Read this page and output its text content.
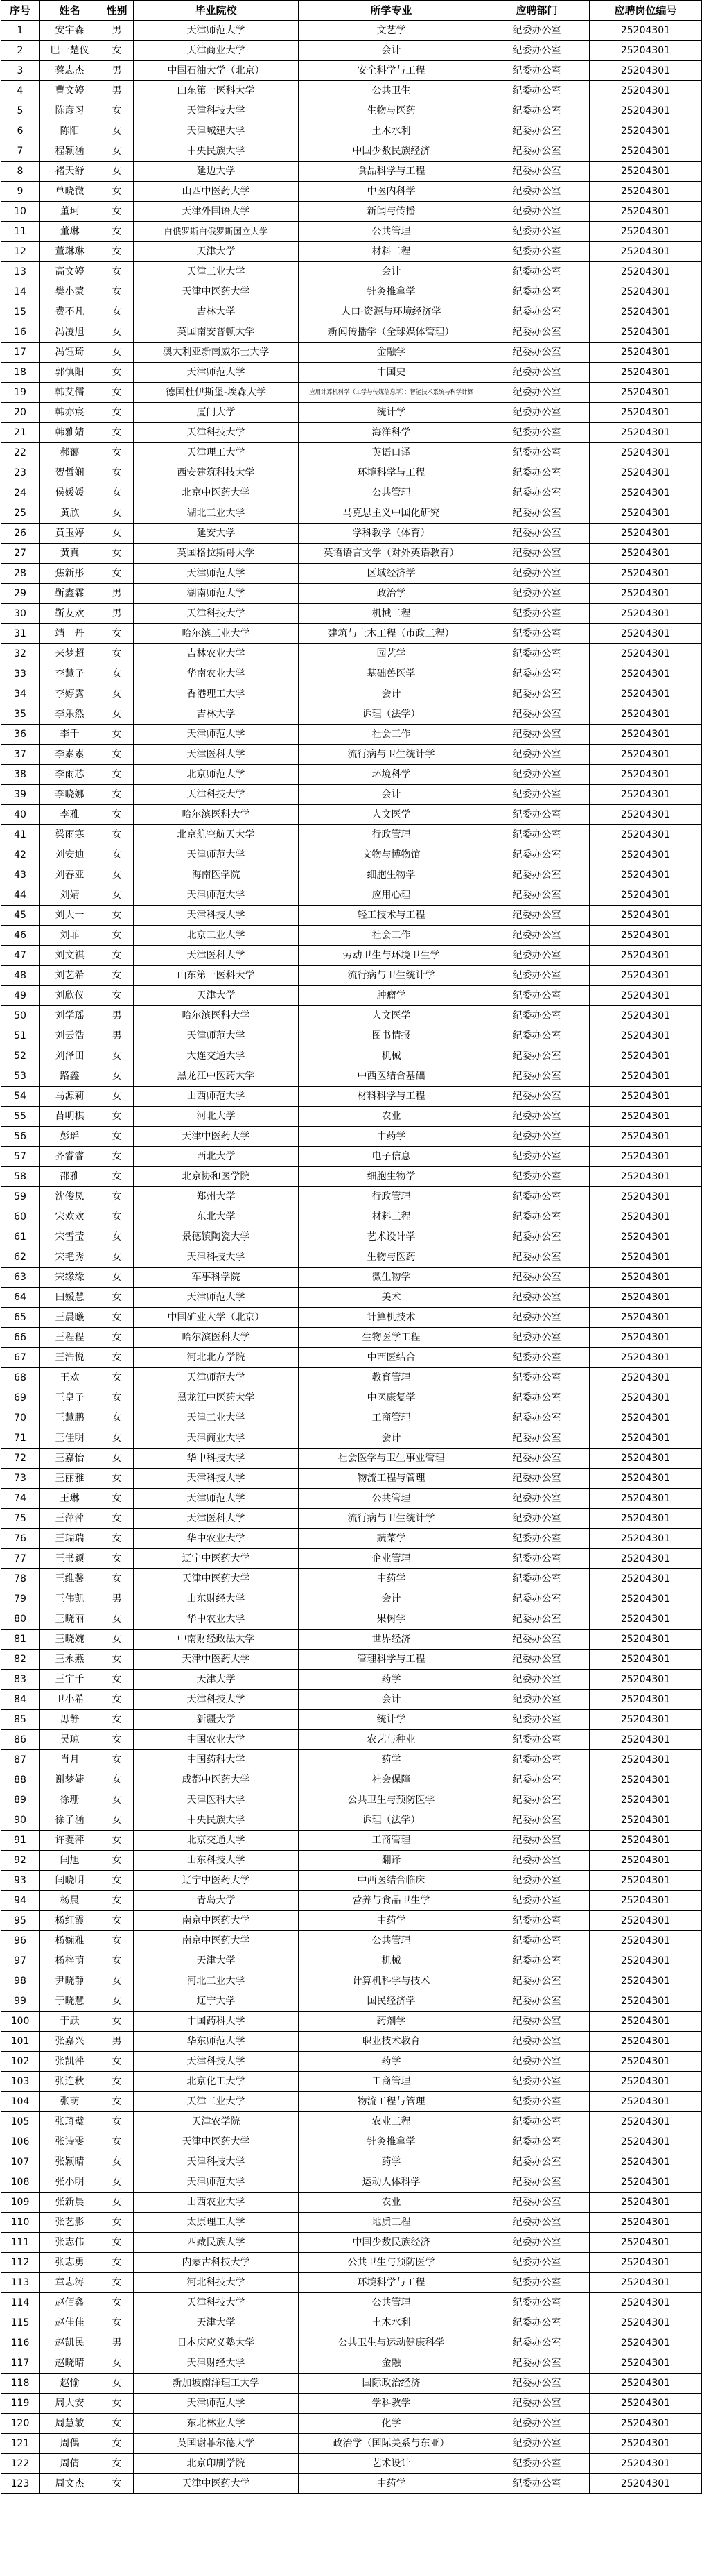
序号	姓名	性别	毕业院校	所学专业	应聘部门	应聘岗位编号
1	安宇森	男	天津师范大学	文艺学	纪委办公室	25204301
2	巴一楚仪	女	天津商业大学	会计	纪委办公室	25204301
3	蔡志杰	男	中国石油大学（北京）	安全科学与工程	纪委办公室	25204301
4	曹文婷	男	山东第一医科大学	公共卫生	纪委办公室	25204301
5	陈彦习	女	天津科技大学	生物与医药	纪委办公室	25204301
6	陈阳	女	天津城建大学	土木水利	纪委办公室	25204301
7	程颖涵	女	中央民族大学	中国少数民族经济	纪委办公室	25204301
8	褚天舒	女	延边大学	食品科学与工程	纪委办公室	25204301
9	单晓微	女	山西中医药大学	中医内科学	纪委办公室	25204301
10	董珂	女	天津外国语大学	新闻与传播	纪委办公室	25204301
11	董琳	女	白俄罗斯白俄罗斯国立大学	公共管理	纪委办公室	25204301
12	董琳琳	女	天津大学	材料工程	纪委办公室	25204301
13	高文婷	女	天津工业大学	会计	纪委办公室	25204301
14	樊小蒙	女	天津中医药大学	针灸推拿学	纪委办公室	25204301
15	费不凡	女	吉林大学	人口·资源与环境经济学	纪委办公室	25204301
16	冯凌旭	女	英国南安普顿大学	新闻传播学（全球媒体管理）	纪委办公室	25204301
17	冯钰琦	女	澳大利亚新南威尔士大学	金融学	纪委办公室	25204301
18	郭慎阳	女	天津师范大学	中国史	纪委办公室	25204301
19	韩艾儒	女	德国杜伊斯堡-埃森大学	应用计算机科学（工学与传媒信息学）：智能技术系统与科学计算	纪委办公室	25204301
20	韩亦宸	女	厦门大学	统计学	纪委办公室	25204301
21	韩雅婧	女	天津科技大学	海洋科学	纪委办公室	25204301
22	郝蔼	女	天津理工大学	英语口译	纪委办公室	25204301
23	贺哲娴	女	西安建筑科技大学	环境科学与工程	纪委办公室	25204301
24	侯媛媛	女	北京中医药大学	公共管理	纪委办公室	25204301
25	黄欣	女	湖北工业大学	马克思主义中国化研究	纪委办公室	25204301
26	黄玉婷	女	延安大学	学科教学（体育）	纪委办公室	25204301
27	黄真	女	英国格拉斯哥大学	英语语言文学（对外英语教育）	纪委办公室	25204301
28	焦新彤	女	天津师范大学	区域经济学	纪委办公室	25204301
29	靳鑫霖	男	湖南师范大学	政治学	纪委办公室	25204301
30	靳友欢	男	天津科技大学	机械工程	纪委办公室	25204301
31	靖一丹	女	哈尔滨工业大学	建筑与土木工程（市政工程）	纪委办公室	25204301
32	来梦超	女	吉林农业大学	园艺学	纪委办公室	25204301
33	李慧子	女	华南农业大学	基础兽医学	纪委办公室	25204301
34	李婷露	女	香港理工大学	会计	纪委办公室	25204301
35	李乐然	女	吉林大学	诉理（法学）	纪委办公室	25204301
36	李千	女	天津师范大学	社会工作	纪委办公室	25204301
37	李素素	女	天津医科大学	流行病与卫生统计学	纪委办公室	25204301
38	李雨芯	女	北京师范大学	环境科学	纪委办公室	25204301
39	李晓娜	女	天津科技大学	会计	纪委办公室	25204301
40	李雅	女	哈尔滨医科大学	人文医学	纪委办公室	25204301
41	梁雨寒	女	北京航空航天大学	行政管理	纪委办公室	25204301
42	刘安迪	女	天津师范大学	文物与博物馆	纪委办公室	25204301
43	刘春亚	女	海南医学院	细胞生物学	纪委办公室	25204301
44	刘婧	女	天津师范大学	应用心理	纪委办公室	25204301
45	刘大一	女	天津科技大学	轻工技术与工程	纪委办公室	25204301
46	刘菲	女	北京工业大学	社会工作	纪委办公室	25204301
47	刘文祺	女	天津医科大学	劳动卫生与环境卫生学	纪委办公室	25204301
48	刘艺希	女	山东第一医科大学	流行病与卫生统计学	纪委办公室	25204301
49	刘欣仪	女	天津大学	肿瘤学	纪委办公室	25204301
50	刘学瑶	男	哈尔滨医科大学	人文医学	纪委办公室	25204301
51	刘云浩	男	天津师范大学	图书情报	纪委办公室	25204301
52	刘泽田	女	大连交通大学	机械	纪委办公室	25204301
53	路鑫	女	黑龙江中医药大学	中西医结合基础	纪委办公室	25204301
54	马源莉	女	山西师范大学	材料科学与工程	纪委办公室	25204301
55	苗明棋	女	河北大学	农业	纪委办公室	25204301
56	彭瑶	女	天津中医药大学	中药学	纪委办公室	25204301
57	齐睿睿	女	西北大学	电子信息	纪委办公室	25204301
58	邵雅	女	北京协和医学院	细胞生物学	纪委办公室	25204301
59	沈俊凤	女	郑州大学	行政管理	纪委办公室	25204301
60	宋欢欢	女	东北大学	材料工程	纪委办公室	25204301
61	宋雪莹	女	景德镇陶瓷大学	艺术设计学	纪委办公室	25204301
62	宋艳秀	女	天津科技大学	生物与医药	纪委办公室	25204301
63	宋缘缘	女	军事科学院	微生物学	纪委办公室	25204301
64	田媛慧	女	天津师范大学	美术	纪委办公室	25204301
65	王晨曦	女	中国矿业大学（北京）	计算机技术	纪委办公室	25204301
66	王程程	女	哈尔滨医科大学	生物医学工程	纪委办公室	25204301
67	王浩悦	女	河北北方学院	中西医结合	纪委办公室	25204301
68	王欢	女	天津师范大学	教育管理	纪委办公室	25204301
69	王皇子	女	黑龙江中医药大学	中医康复学	纪委办公室	25204301
70	王慧鹏	女	天津工业大学	工商管理	纪委办公室	25204301
71	王佳明	女	天津商业大学	会计	纪委办公室	25204301
72	王嘉怡	女	华中科技大学	社会医学与卫生事业管理	纪委办公室	25204301
73	王丽雅	女	天津科技大学	物流工程与管理	纪委办公室	25204301
74	王琳	女	天津师范大学	公共管理	纪委办公室	25204301
75	王萍萍	女	天津医科大学	流行病与卫生统计学	纪委办公室	25204301
76	王瑞瑞	女	华中农业大学	蔬菜学	纪委办公室	25204301
77	王书颖	女	辽宁中医药大学	企业管理	纪委办公室	25204301
78	王维馨	女	天津中医药大学	中药学	纪委办公室	25204301
79	王伟凯	男	山东财经大学	会计	纪委办公室	25204301
80	王晓丽	女	华中农业大学	果树学	纪委办公室	25204301
81	王晓婉	女	中南财经政法大学	世界经济	纪委办公室	25204301
82	王永燕	女	天津中医药大学	管理科学与工程	纪委办公室	25204301
83	王宇千	女	天津大学	药学	纪委办公室	25204301
84	卫小希	女	天津科技大学	会计	纪委办公室	25204301
85	毋静	女	新疆大学	统计学	纪委办公室	25204301
86	吴琼	女	中国农业大学	农艺与种业	纪委办公室	25204301
87	肖月	女	中国药科大学	药学	纪委办公室	25204301
88	谢梦婕	女	成都中医药大学	社会保障	纪委办公室	25204301
89	徐珊	女	天津医科大学	公共卫生与预防医学	纪委办公室	25204301
90	徐子涵	女	中央民族大学	诉理（法学）	纪委办公室	25204301
91	许菱萍	女	北京交通大学	工商管理	纪委办公室	25204301
92	闫旭	女	山东科技大学	翻译	纪委办公室	25204301
93	闫晓明	女	辽宁中医药大学	中西医结合临床	纪委办公室	25204301
94	杨晨	女	青岛大学	营养与食品卫生学	纪委办公室	25204301
95	杨红霞	女	南京中医药大学	中药学	纪委办公室	25204301
96	杨婉雅	女	南京中医药大学	公共管理	纪委办公室	25204301
97	杨梓萌	女	天津大学	机械	纪委办公室	25204301
98	尹晓静	女	河北工业大学	计算机科学与技术	纪委办公室	25204301
99	于晓慧	女	辽宁大学	国民经济学	纪委办公室	25204301
100	于跃	女	中国药科大学	药剂学	纪委办公室	25204301
101	张嘉兴	男	华东师范大学	职业技术教育	纪委办公室	25204301
102	张凯萍	女	天津科技大学	药学	纪委办公室	25204301
103	张连秋	女	北京化工大学	工商管理	纪委办公室	25204301
104	张萌	女	天津工业大学	物流工程与管理	纪委办公室	25204301
105	张琦璧	女	天津农学院	农业工程	纪委办公室	25204301
106	张诗雯	女	天津中医药大学	针灸推拿学	纪委办公室	25204301
107	张颖晴	女	天津科技大学	药学	纪委办公室	25204301
108	张小明	女	天津师范大学	运动人体科学	纪委办公室	25204301
109	张新晨	女	山西农业大学	农业	纪委办公室	25204301
110	张艺影	女	太原理工大学	地质工程	纪委办公室	25204301
111	张志伟	女	西藏民族大学	中国少数民族经济	纪委办公室	25204301
112	张志勇	女	内蒙古科技大学	公共卫生与预防医学	纪委办公室	25204301
113	章志涛	女	河北科技大学	环境科学与工程	纪委办公室	25204301
114	赵佰鑫	女	天津科技大学	公共管理	纪委办公室	25204301
115	赵佳佳	女	天津大学	土木水利	纪委办公室	25204301
116	赵凯民	男	日本庆应义塾大学	公共卫生与运动健康科学	纪委办公室	25204301
117	赵晓晴	女	天津财经大学	金融	纪委办公室	25204301
118	赵愉	女	新加坡南洋理工大学	国际政治经济	纪委办公室	25204301
119	周大安	女	天津师范大学	学科教学	纪委办公室	25204301
120	周慧敏	女	东北林业大学	化学	纪委办公室	25204301
121	周偶	女	英国谢菲尔德大学	政治学（国际关系与东亚）	纪委办公室	25204301
122	周倩	女	北京印刷学院	艺术设计	纪委办公室	25204301
123	周文杰	女	天津中医药大学	中药学	纪委办公室	25204301
